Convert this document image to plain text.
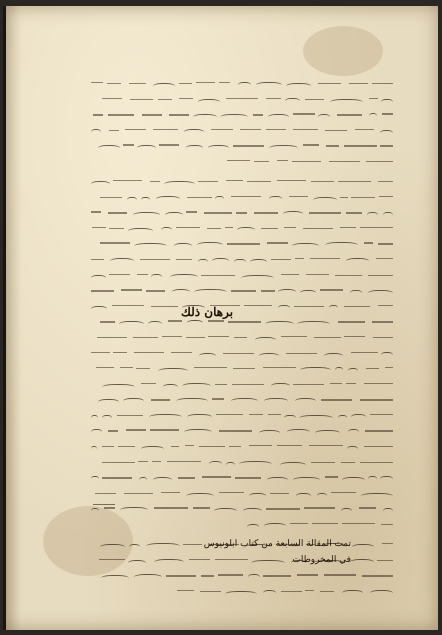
برهان ذلك
تمت المقالة السابعة من كتاب ابلونيوس
في المخروطات
